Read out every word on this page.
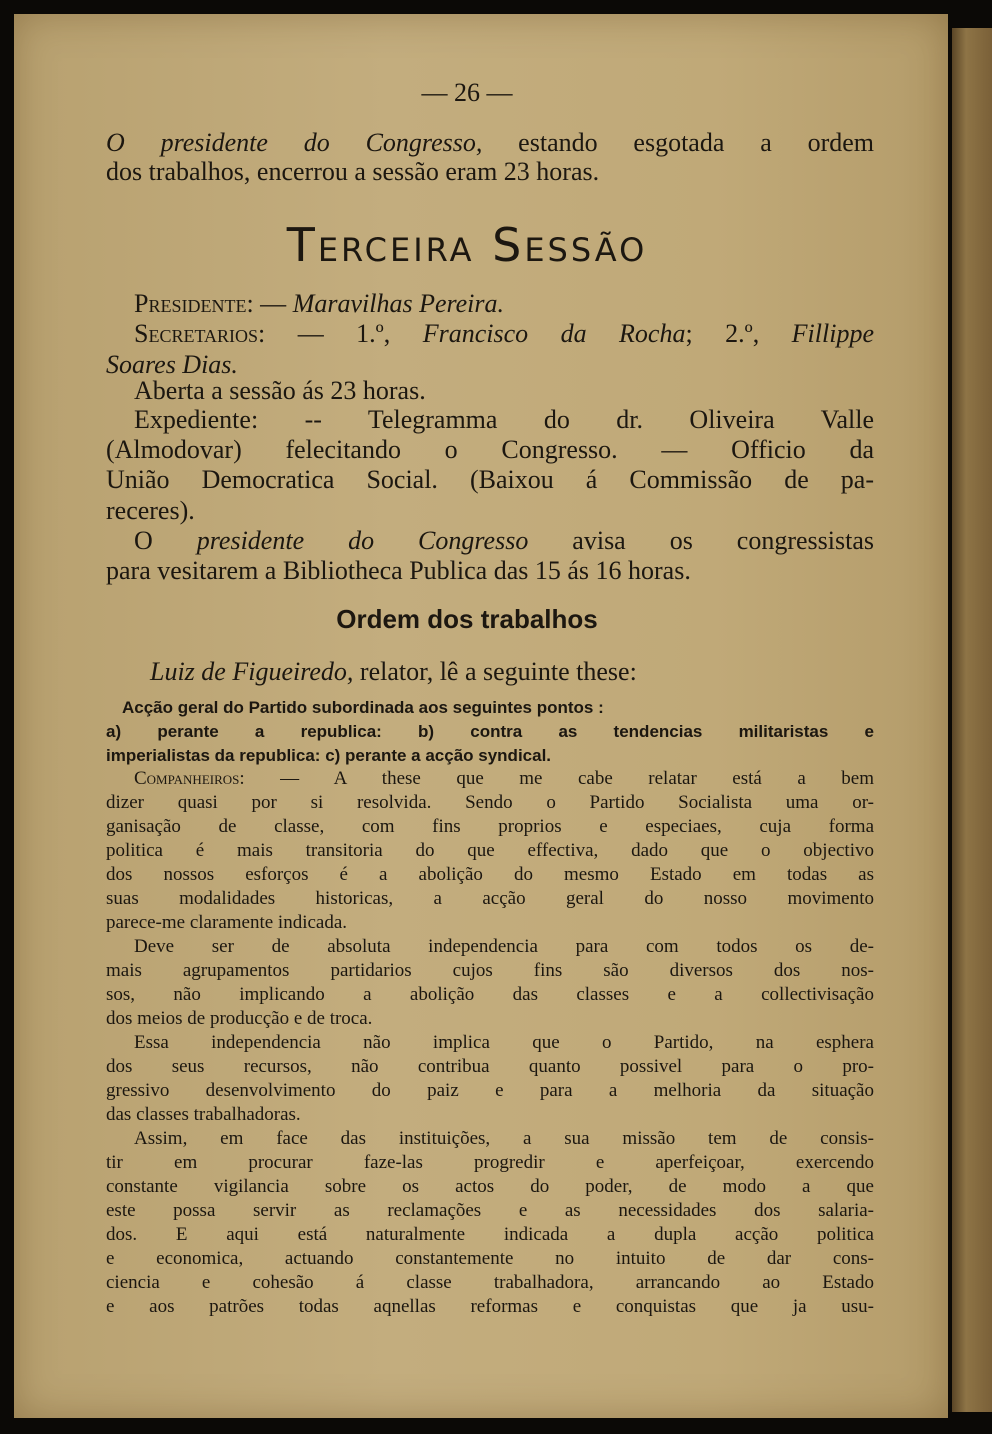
— 26 —
O presidente do Congresso, estando esgotada a ordem
dos trabalhos, encerrou a sessão eram 23 horas.
Terceira Sessão
Presidente: — Maravilhas Pereira.
Secretarios: — 1.º, Francisco da Rocha; 2.º, Fillippe
Soares Dias.
Aberta a sessão ás 23 horas.
Expediente: -- Telegramma do dr. Oliveira Valle
(Almodovar) felecitando o Congresso. — Officio da
União Democratica Social. (Baixou á Commissão de pa-
receres).
O presidente do Congresso avisa os congressistas
para vesitarem a Bibliotheca Publica das 15 ás 16 horas.
Ordem dos trabalhos
Luiz de Figueiredo, relator, lê a seguinte these:
Acção geral do Partido subordinada aos seguintes pontos :
a) perante a republica: b) contra as tendencias militaristas e
imperialistas da republica: c) perante a acção syndical.
Companheiros: — A these que me cabe relatar está a bem
dizer quasi por si resolvida. Sendo o Partido Socialista uma or-
ganisação de classe, com fins proprios e especiaes, cuja forma
politica é mais transitoria do que effectiva, dado que o objectivo
dos nossos esforços é a abolição do mesmo Estado em todas as
suas modalidades historicas, a acção geral do nosso movimento
parece-me claramente indicada.
Deve ser de absoluta independencia para com todos os de-
mais agrupamentos partidarios cujos fins são diversos dos nos-
sos, não implicando a abolição das classes e a collectivisação
dos meios de producção e de troca.
Essa independencia não implica que o Partido, na esphera
dos seus recursos, não contribua quanto possivel para o pro-
gressivo desenvolvimento do paiz e para a melhoria da situação
das classes trabalhadoras.
Assim, em face das instituições, a sua missão tem de consis-
tir em procurar faze-las progredir e aperfeiçoar, exercendo
constante vigilancia sobre os actos do poder, de modo a que
este possa servir as reclamações e as necessidades dos salaria-
dos. E aqui está naturalmente indicada a dupla acção politica
e economica, actuando constantemente no intuito de dar cons-
ciencia e cohesão á classe trabalhadora, arrancando ao Estado
e aos patrões todas aqnellas reformas e conquistas que ja usu-
